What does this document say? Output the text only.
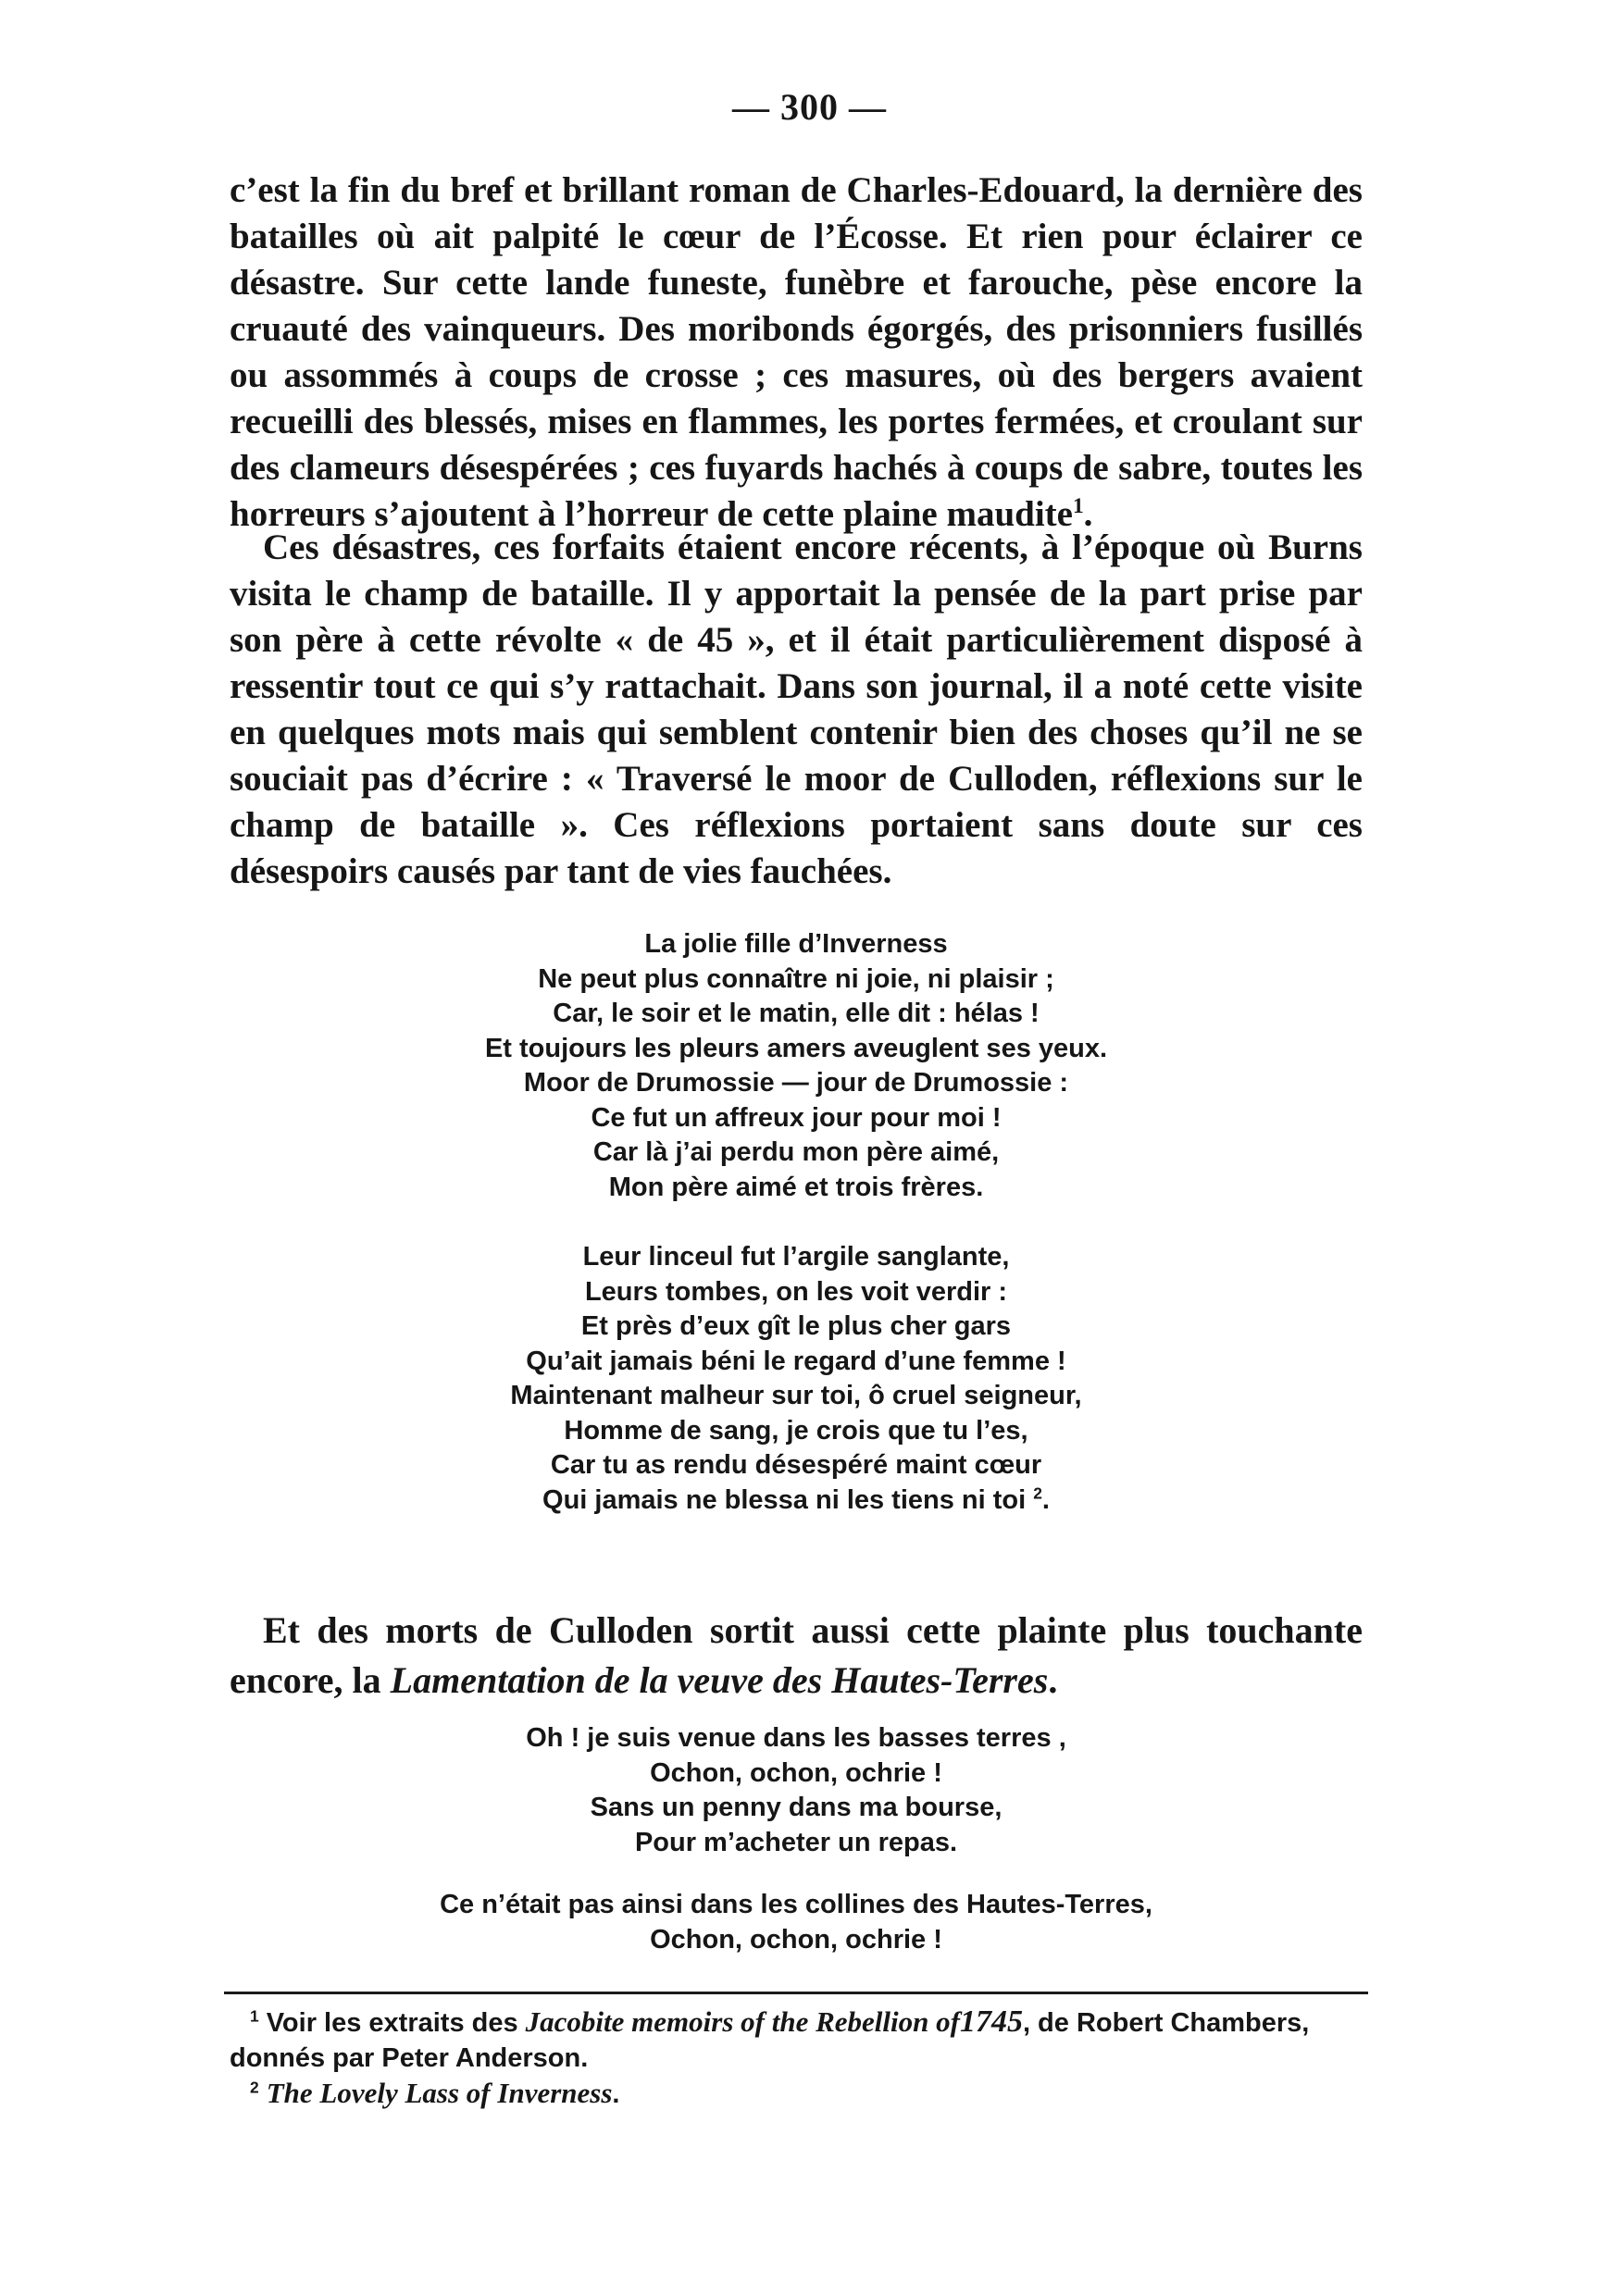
— 300 —

c’est la fin du bref et brillant roman de Charles-Edouard, la dernière des batailles où ait palpité le cœur de l’Écosse. Et rien pour éclairer ce désastre. Sur cette lande funeste, funèbre et farouche, pèse encore la cruauté des vainqueurs. Des moribonds égorgés, des prisonniers fusillés ou assommés à coups de crosse ; ces masures, où des bergers avaient recueilli des blessés, mises en flammes, les portes fermées, et croulant sur des clameurs désespérées ; ces fuyards hachés à coups de sabre, toutes les horreurs s’ajoutent à l’horreur de cette plaine maudite$^1$.

Ces désastres, ces forfaits étaient encore récents, à l’époque où Burns visita le champ de bataille. Il y apportait la pensée de la part prise par son père à cette révolte « de 45 », et il était particulièrement disposé à ressentir tout ce qui s’y rattachait. Dans son journal, il a noté cette visite en quelques mots mais qui semblent contenir bien des choses qu’il ne se souciait pas d’écrire : « Traversé le moor de Culloden, réflexions sur le champ de bataille ». Ces réflexions portaient sans doute sur ces désespoirs causés par tant de vies fauchées.

La jolie fille d’Inverness
Ne peut plus connaître ni joie, ni plaisir ;
Car, le soir et le matin, elle dit : hélas !
Et toujours les pleurs amers aveuglent ses yeux.
Moor de Drumossie — jour de Drumossie :
Ce fut un affreux jour pour moi !
Car là j’ai perdu mon père aimé,
Mon père aimé et trois frères.
Leur linceul fut l’argile sanglante,
Leurs tombes, on les voit verdir :
Et près d’eux gît le plus cher gars
Qu’ait jamais béni le regard d’une femme !
Maintenant malheur sur toi, ô cruel seigneur,
Homme de sang, je crois que tu l’es,
Car tu as rendu désespéré maint cœur
Qui jamais ne blessa ni les tiens ni toi $^2$.

Et des morts de Culloden sortit aussi cette plainte plus touchante encore, la Lamentation de la veuve des Hautes-Terres.

Oh ! je suis venue dans les basses terres ,
Ochon, ochon, ochrie !
Sans un penny dans ma bourse,
Pour m’acheter un repas.
Ce n’était pas ainsi dans les collines des Hautes-Terres,
Ochon, ochon, ochrie !

$^1$ Voir les extraits des Jacobite memoirs of the Rebellion of1745, de Robert Chambers, donnés par Peter Anderson.

$^2$ The Lovely Lass of Inverness.
